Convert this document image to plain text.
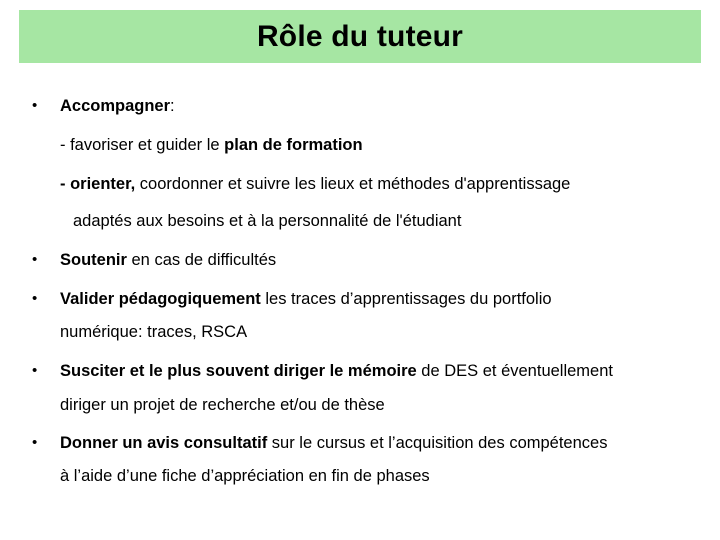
Rôle du tuteur
• Accompagner:
- favoriser et guider le plan de formation
- orienter, coordonner et suivre les lieux et méthodes d'apprentissage
adaptés aux besoins et à la personnalité de l'étudiant
• Soutenir en cas de difficultés
• Valider pédagogiquement les traces d’apprentissages du portfolio
numérique: traces, RSCA
• Susciter et le plus souvent diriger le mémoire de DES et éventuellement
diriger un projet de recherche et/ou de thèse
• Donner un avis consultatif sur le cursus et l’acquisition des compétences
à l’aide d’une fiche d’appréciation en fin de phases
